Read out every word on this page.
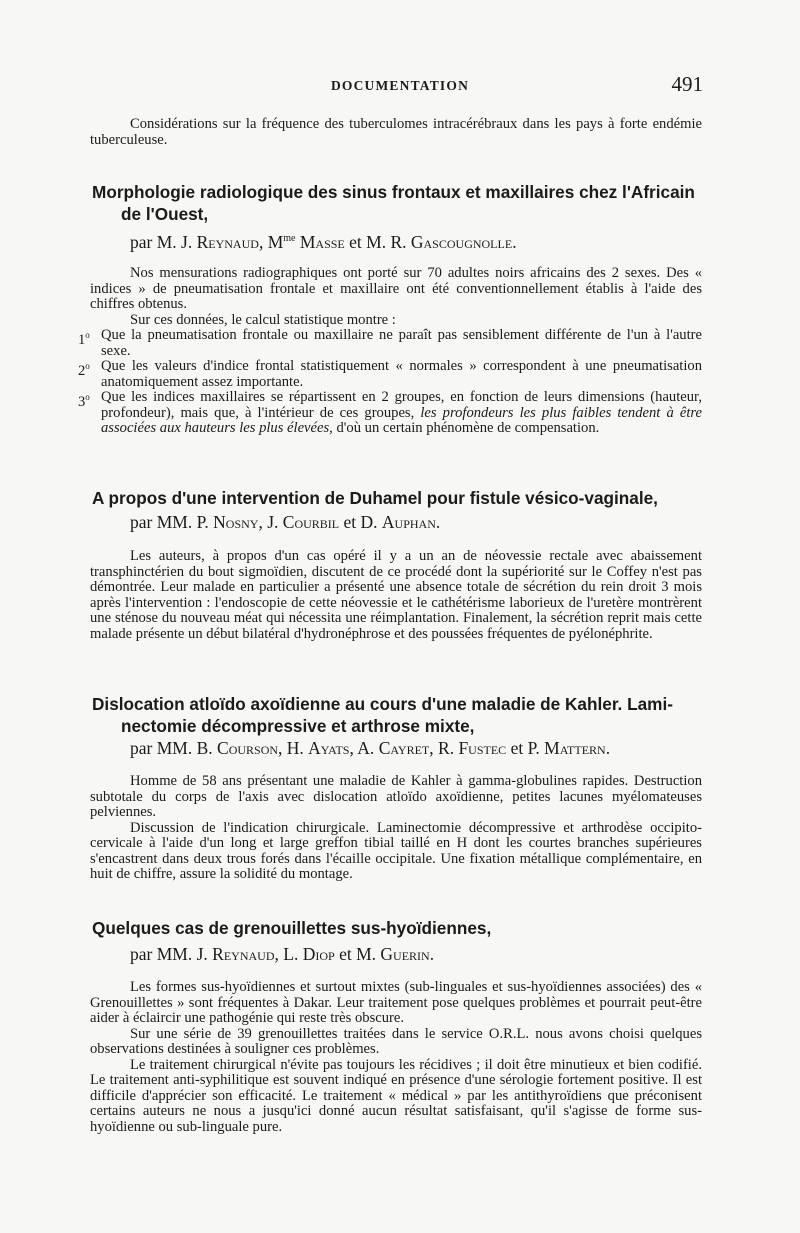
DOCUMENTATION	491

Considérations sur la fréquence des tuberculomes intracérébraux dans les pays à forte endémie tuberculeuse.

Morphologie radiologique des sinus frontaux et maxillaires chez l'Africain
de l'Ouest,
par M. J. Reynaud, $M^{me}$ Masse et M. R. Gascougnolle.

Nos mensurations radiographiques ont porté sur 70 adultes noirs africains des 2 sexes. Des « indices » de pneumatisation frontale et maxillaire ont été conventionnellement établis à l'aide des chiffres obtenus.

Sur ces données, le calcul statistique montre :

1$^o$ Que la pneumatisation frontale ou maxillaire ne paraît pas sensiblement différente de l'un à l'autre sexe.

2$^o$ Que les valeurs d'indice frontal statistiquement « normales » correspondent à une pneumatisation anatomiquement assez importante.

3$^o$ Que les indices maxillaires se répartissent en 2 groupes, en fonction de leurs dimensions (hauteur, profondeur), mais que, à l'intérieur de ces groupes, les profondeurs les plus faibles tendent à être associées aux hauteurs les plus élevées, d'où un certain phénomène de compensation.

A propos d'une intervention de Duhamel pour fistule vésico-vaginale,
par MM. P. Nosny, J. Courbil et D. Auphan.

Les auteurs, à propos d'un cas opéré il y a un an de néovessie rectale avec abaissement transphinctérien du bout sigmoïdien, discutent de ce procédé dont la supériorité sur le Coffey n'est pas démontrée. Leur malade en particulier a présenté une absence totale de sécrétion du rein droit 3 mois après l'intervention : l'endoscopie de cette néovessie et le cathétérisme laborieux de l'uretère montrèrent une sténose du nouveau méat qui nécessita une réimplantation. Finalement, la sécrétion reprit mais cette malade présente un début bilatéral d'hydronéphrose et des poussées fréquentes de pyélonéphrite.

Dislocation atloïdo axoïdienne au cours d'une maladie de Kahler. Lami-
nectomie décompressive et arthrose mixte,
par MM. B. Courson, H. Ayats, A. Cayret, R. Fustec et P. Mattern.

Homme de 58 ans présentant une maladie de Kahler à gamma-globulines rapides. Destruction subtotale du corps de l'axis avec dislocation atloïdo axoïdienne, petites lacunes myélomateuses pelviennes.

Discussion de l'indication chirurgicale. Laminectomie décompressive et arthrodèse occipito-cervicale à l'aide d'un long et large greffon tibial taillé en H dont les courtes branches supérieures s'encastrent dans deux trous forés dans l'écaille occipitale. Une fixation métallique complémentaire, en huit de chiffre, assure la solidité du montage.

Quelques cas de grenouillettes sus-hyoïdiennes,
par MM. J. Reynaud, L. Diop et M. Guerin.

Les formes sus-hyoïdiennes et surtout mixtes (sub-linguales et sus-hyoïdiennes associées) des « Grenouillettes » sont fréquentes à Dakar. Leur traitement pose quelques problèmes et pourrait peut-être aider à éclaircir une pathogénie qui reste très obscure.

Sur une série de 39 grenouillettes traitées dans le service O.R.L. nous avons choisi quelques observations destinées à souligner ces problèmes.

Le traitement chirurgical n'évite pas toujours les récidives ; il doit être minutieux et bien codifié. Le traitement anti-syphilitique est souvent indiqué en présence d'une sérologie fortement positive. Il est difficile d'apprécier son efficacité. Le traitement « médical » par les antithyroïdiens que préconisent certains auteurs ne nous a jusqu'ici donné aucun résultat satisfaisant, qu'il s'agisse de forme sus-hyoïdienne ou sub-linguale pure.
